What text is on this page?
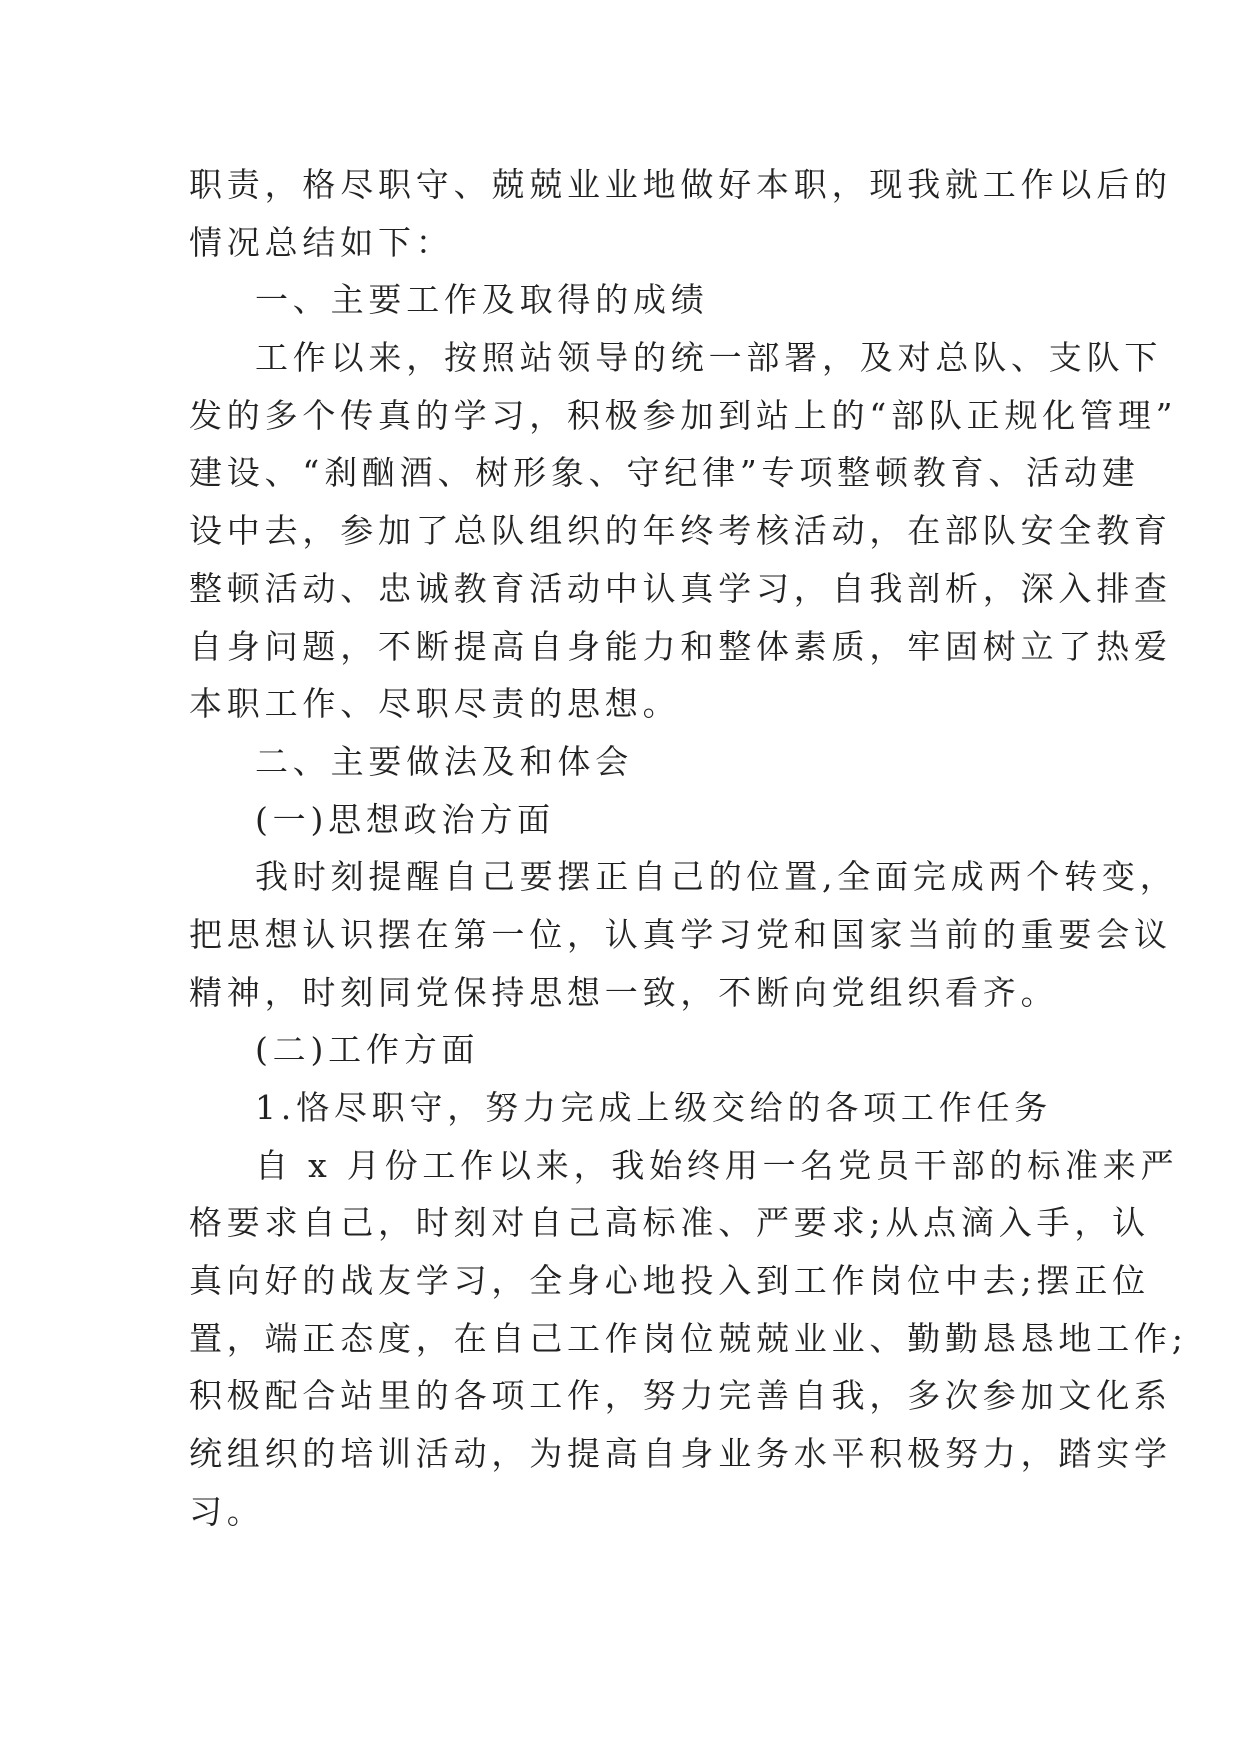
职责，格尽职守、兢兢业业地做好本职，现我就工作以后的
情况总结如下：
一、主要工作及取得的成绩
工作以来，按照站领导的统一部署，及对总队、支队下
发的多个传真的学习，积极参加到站上的“部队正规化管理”
建设、“刹酗酒、树形象、守纪律”专项整顿教育、活动建
设中去，参加了总队组织的年终考核活动，在部队安全教育
整顿活动、忠诚教育活动中认真学习，自我剖析，深入排查
自身问题，不断提高自身能力和整体素质，牢固树立了热爱
本职工作、尽职尽责的思想。
二、主要做法及和体会
(一)思想政治方面
我时刻提醒自己要摆正自己的位置,全面完成两个转变，
把思想认识摆在第一位，认真学习党和国家当前的重要会议
精神，时刻同党保持思想一致，不断向党组织看齐。
(二)工作方面
1.恪尽职守，努力完成上级交给的各项工作任务
自 x 月份工作以来，我始终用一名党员干部的标准来严
格要求自己，时刻对自己高标准、严要求;从点滴入手，认
真向好的战友学习，全身心地投入到工作岗位中去;摆正位
置，端正态度，在自己工作岗位兢兢业业、勤勤恳恳地工作;
积极配合站里的各项工作，努力完善自我，多次参加文化系
统组织的培训活动，为提高自身业务水平积极努力，踏实学
习。
